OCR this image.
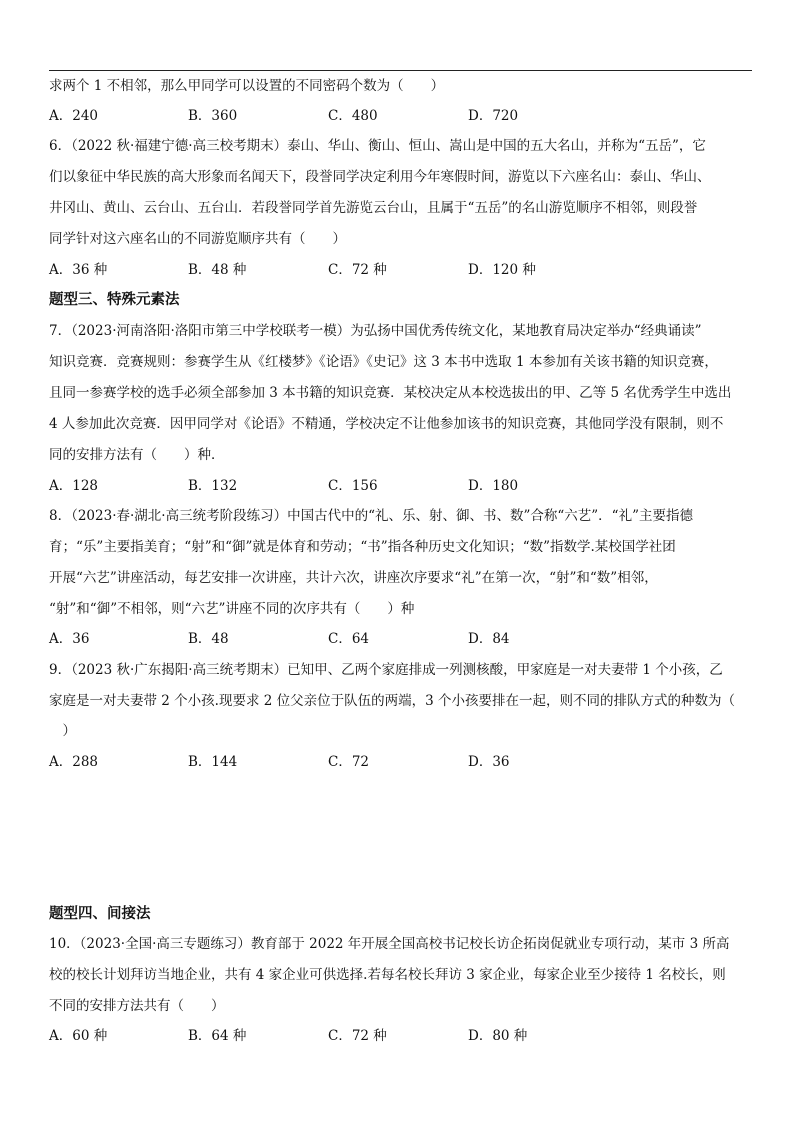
求两个 1 不相邻，那么甲同学可以设置的不同密码个数为（　　）
A．240	B．360	C．480	D．720
6．（2022 秋·福建宁德·高三校考期末）泰山、华山、衡山、恒山、嵩山是中国的五大名山，并称为“五岳”，它
们以象征中华民族的高大形象而名闻天下，段誉同学决定利用今年寒假时间，游览以下六座名山：泰山、华山、
井冈山、黄山、云台山、五台山．若段誉同学首先游览云台山，且属于“五岳”的名山游览顺序不相邻，则段誉
同学针对这六座名山的不同游览顺序共有（　　）
A．36 种	B．48 种	C．72 种	D．120 种
题型三、特殊元素法
7．（2023·河南洛阳·洛阳市第三中学校联考一模）为弘扬中国优秀传统文化，某地教育局决定举办“经典诵读”
知识竞赛．竞赛规则：参赛学生从《红楼梦》《论语》《史记》这 3 本书中选取 1 本参加有关该书籍的知识竞赛，
且同一参赛学校的选手必须全部参加 3 本书籍的知识竞赛．某校决定从本校选拔出的甲、乙等 5 名优秀学生中选出
4 人参加此次竞赛．因甲同学对《论语》不精通，学校决定不让他参加该书的知识竞赛，其他同学没有限制，则不
同的安排方法有（　　）种．
A．128	B．132	C．156	D．180
8．（2023·春·湖北·高三统考阶段练习）中国古代中的“礼、乐、射、御、书、数”合称“六艺”．“礼”主要指德
育；“乐”主要指美育；“射”和“御”就是体育和劳动；“书”指各种历史文化知识；“数”指数学.某校国学社团
开展“六艺”讲座活动，每艺安排一次讲座，共计六次，讲座次序要求“礼”在第一次，“射”和“数”相邻，
“射”和“御”不相邻，则“六艺”讲座不同的次序共有（　　）种
A．36	B．48	C．64	D．84
9．（2023 秋·广东揭阳·高三统考期末）已知甲、乙两个家庭排成一列测核酸，甲家庭是一对夫妻带 1 个小孩，乙
家庭是一对夫妻带 2 个小孩.现要求 2 位父亲位于队伍的两端，3 个小孩要排在一起，则不同的排队方式的种数为（
　）
A．288	B．144	C．72	D．36
题型四、间接法
10．（2023·全国·高三专题练习）教育部于 2022 年开展全国高校书记校长访企拓岗促就业专项行动，某市 3 所高
校的校长计划拜访当地企业，共有 4 家企业可供选择.若每名校长拜访 3 家企业，每家企业至少接待 1 名校长，则
不同的安排方法共有（　　）
A．60 种	B．64 种	C．72 种	D．80 种
